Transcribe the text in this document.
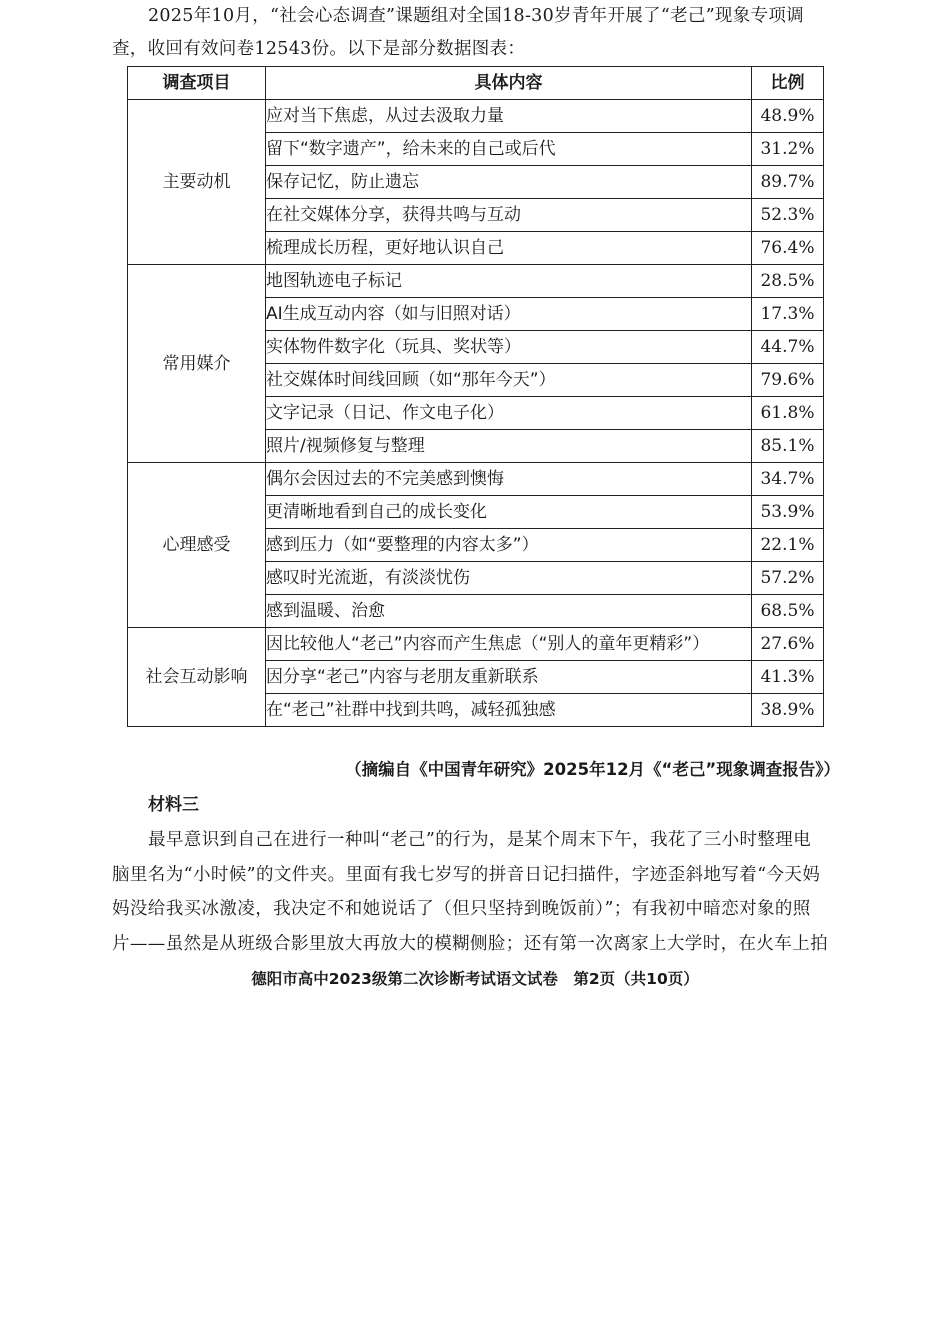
2025年10月，“社会心态调查”课题组对全国18-30岁青年开展了“老己”现象专项调
查，收回有效问卷12543份。以下是部分数据图表：
调查项目	具体内容	比例
主要动机	应对当下焦虑，从过去汲取力量	48.9%
	留下“数字遗产”，给未来的自己或后代	31.2%
	保存记忆，防止遗忘	89.7%
	在社交媒体分享，获得共鸣与互动	52.3%
	梳理成长历程，更好地认识自己	76.4%
常用媒介	地图轨迹电子标记	28.5%
	AI生成互动内容（如与旧照对话）	17.3%
	实体物件数字化（玩具、奖状等）	44.7%
	社交媒体时间线回顾（如“那年今天”）	79.6%
	文字记录（日记、作文电子化）	61.8%
	照片/视频修复与整理	85.1%
心理感受	偶尔会因过去的不完美感到懊悔	34.7%
	更清晰地看到自己的成长变化	53.9%
	感到压力（如“要整理的内容太多”）	22.1%
	感叹时光流逝，有淡淡忧伤	57.2%
	感到温暖、治愈	68.5%
社会互动影响	因比较他人“老己”内容而产生焦虑（“别人的童年更精彩”）	27.6%
	因分享“老己”内容与老朋友重新联系	41.3%
	在“老己”社群中找到共鸣，减轻孤独感	38.9%
（摘编自《中国青年研究》2025年12月《“老己”现象调查报告》）
材料三
最早意识到自己在进行一种叫“老己”的行为，是某个周末下午，我花了三小时整理电
脑里名为“小时候”的文件夹。里面有我七岁写的拼音日记扫描件，字迹歪斜地写着“今天妈
妈没给我买冰激凌，我决定不和她说话了（但只坚持到晚饭前）”；有我初中暗恋对象的照
片——虽然是从班级合影里放大再放大的模糊侧脸；还有第一次离家上大学时，在火车上拍
德阳市高中2023级第二次诊断考试语文试卷　第2页（共10页）
